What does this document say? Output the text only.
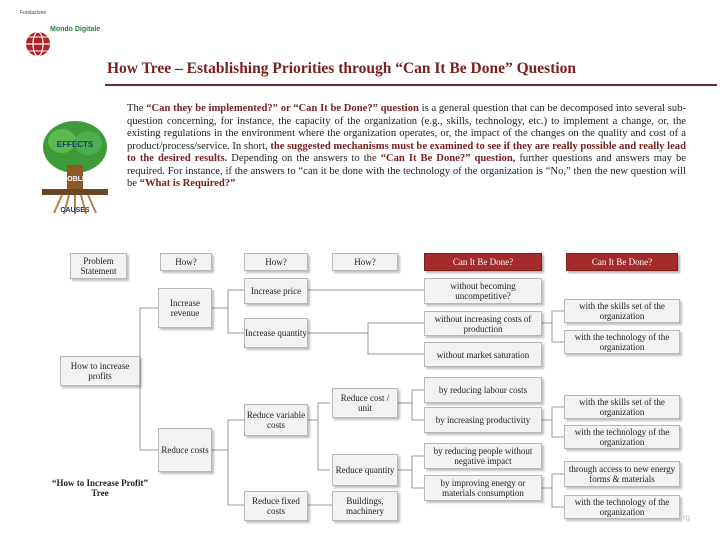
Fondazione
Mondo Digitale
How Tree – Establishing Priorities through “Can It Be Done” Question
EFFECTS
PROBLEM
CAUSES
The “Can they be implemented?” or “Can It be Done?” question is a general question that can be decomposed into several sub-question concerning, for instance, the capacity of the organization (e.g., skills, technology, etc.) to implement a change, or, the existing regulations in the environment where the organization operates, or, the impact of the changes on the quality and cost of a product/process/service. In short, the suggested mechanisms must be examined to see if they are really possible and really lead to the desired results. Depending on the answers to the “Can It Be Done?” question, further questions and answers may be required. For instance, if the answers to “can it be done with the technology of the organization is “No,” then the new question will be “What is Required?”
Problem Statement
How?	How?	How?	Can It Be Done?	Can It Be Done?
How to increase profits
Increase revenue
Reduce costs
Increase price
Increase quantity
Reduce variable costs
Reduce fixed costs
Reduce cost / unit
Reduce quantity
Buildings, machinery
without becoming uncompetitive?
without increasing costs of production
without market saturation
by reducing labour costs
by increasing productivity
by reducing people without negative impact
by improving energy or materials consumption
with the skills set of the organization
with the technology of the organization
with the skills set of the organization
with the technology of the organization
through access to new energy forms & materials
with the technology of the organization
“How to Increase Profit” Tree
rg
